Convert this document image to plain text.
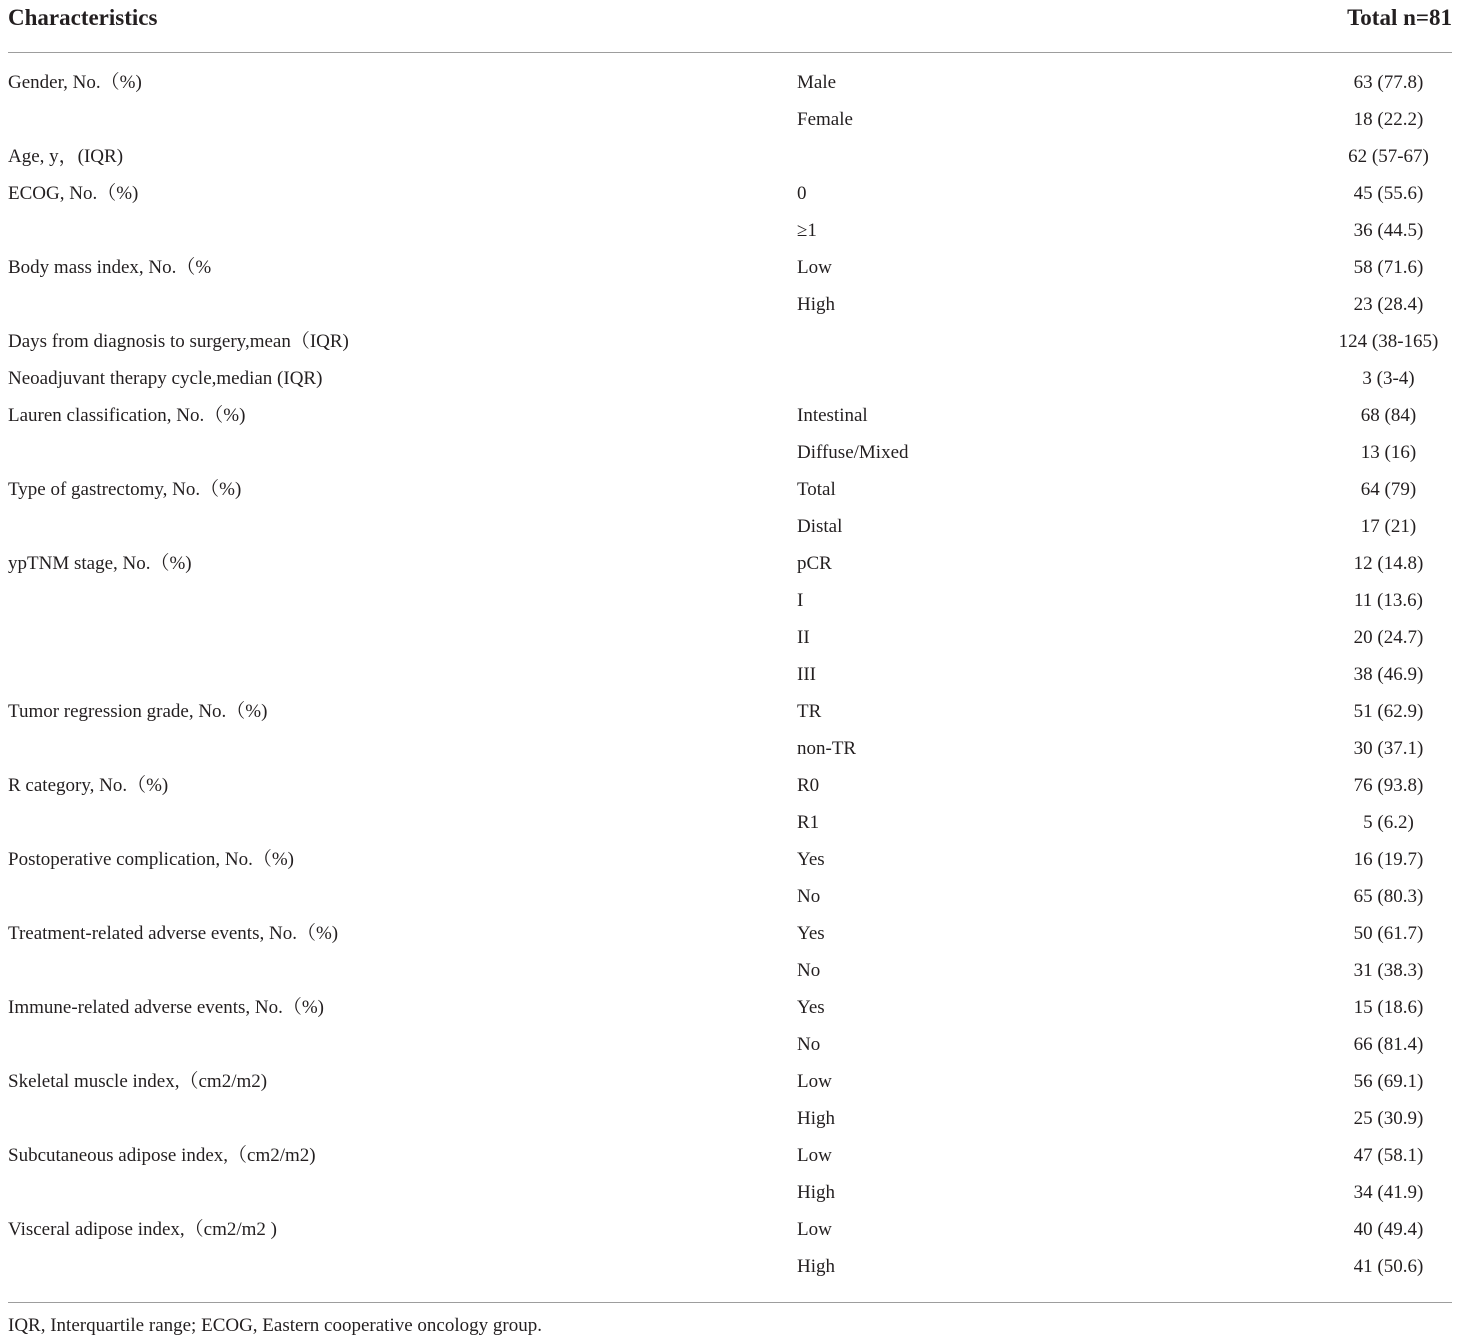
Characteristics	Total n=81
Gender, No.（%)	Male	63 (77.8)
Female	18 (22.2)
Age, y，(IQR)	62 (57-67)
ECOG, No.（%)	0	45 (55.6)
≥1	36 (44.5)
Body mass index, No.（%	Low	58 (71.6)
High	23 (28.4)
Days from diagnosis to surgery,mean（IQR)	124 (38-165)
Neoadjuvant therapy cycle,median (IQR)	3 (3-4)
Lauren classification, No.（%)	Intestinal	68 (84)
Diffuse/Mixed	13 (16)
Type of gastrectomy, No.（%)	Total	64 (79)
Distal	17 (21)
ypTNM stage, No.（%)	pCR	12 (14.8)
I	11 (13.6)
II	20 (24.7)
III	38 (46.9)
Tumor regression grade, No.（%)	TR	51 (62.9)
non-TR	30 (37.1)
R category, No.（%)	R0	76 (93.8)
R1	5 (6.2)
Postoperative complication, No.（%)	Yes	16 (19.7)
No	65 (80.3)
Treatment-related adverse events, No.（%)	Yes	50 (61.7)
No	31 (38.3)
Immune-related adverse events, No.（%)	Yes	15 (18.6)
No	66 (81.4)
Skeletal muscle index,（cm2/m2)	Low	56 (69.1)
High	25 (30.9)
Subcutaneous adipose index,（cm2/m2)	Low	47 (58.1)
High	34 (41.9)
Visceral adipose index,（cm2/m2 )	Low	40 (49.4)
High	41 (50.6)
IQR, Interquartile range; ECOG, Eastern cooperative oncology group.
